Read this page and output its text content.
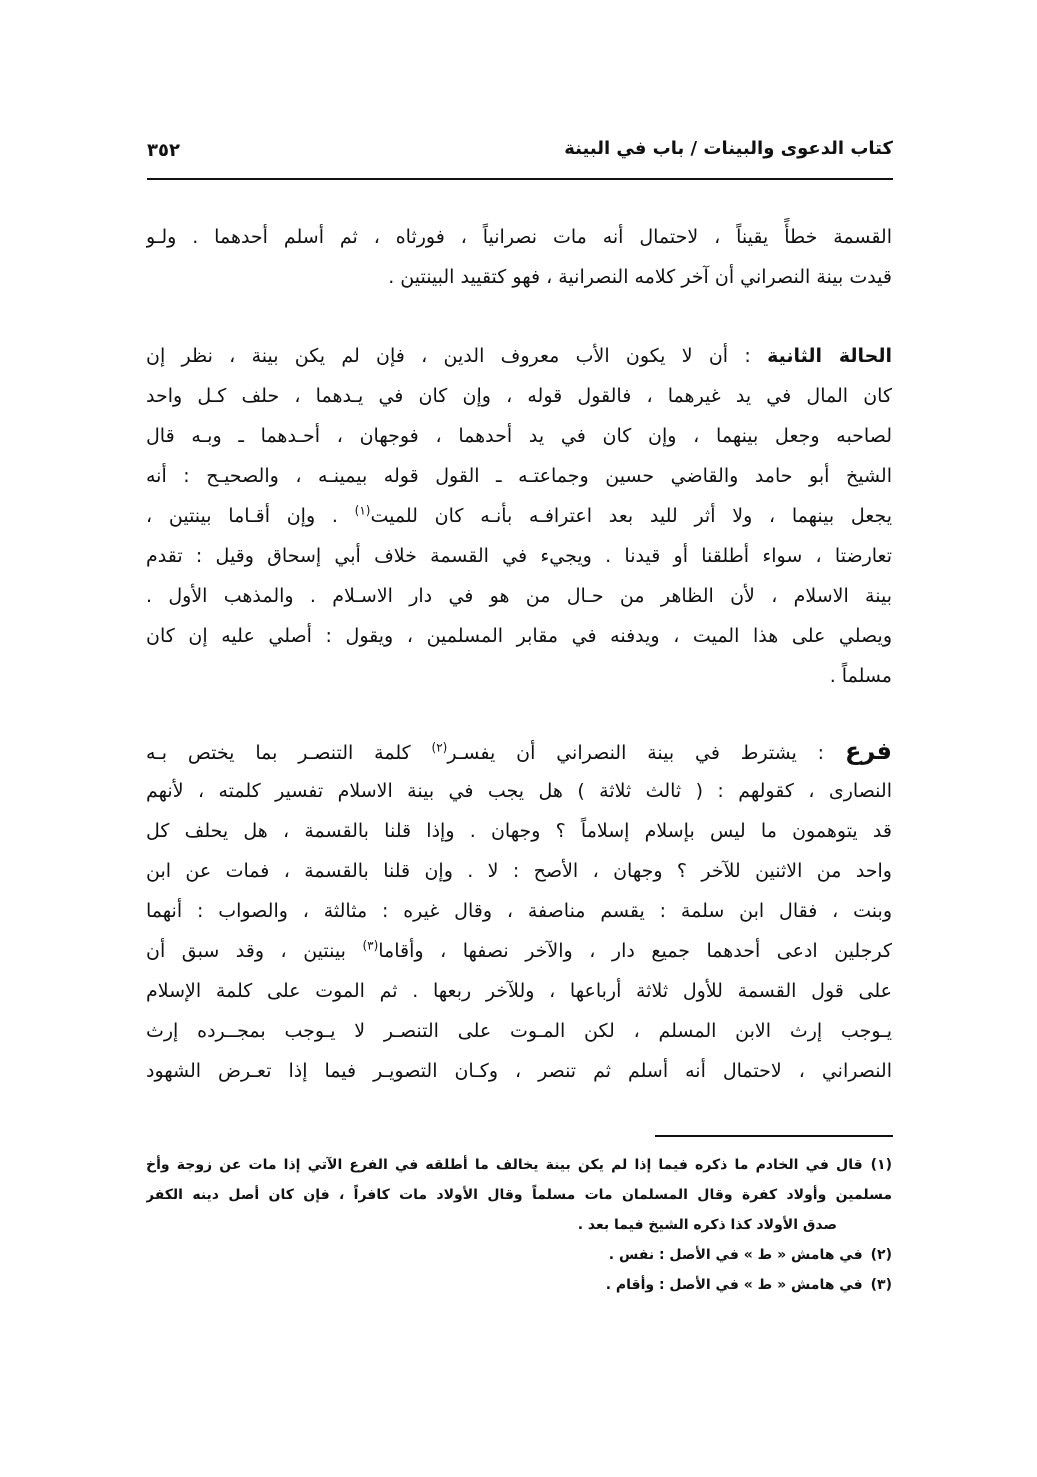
كتاب الدعوى والبينات / باب في البينة
٣٥٢
القسمة خطأً يقيناً ، لاحتمال أنه مات نصرانياً ، فورثاه ، ثم أسلم أحدهما . ولـو
قيدت بينة النصراني أن آخر كلامه النصرانية ، فهو كتقييد البينتين .
الحالة الثانية : أن لا يكون الأب معروف الدين ، فإن لم يكن بينة ، نظر إن
كان المال في يد غيرهما ، فالقول قوله ، وإن كان في يـدهما ، حلف كـل واحد
لصاحبه وجعل بينهما ، وإن كان في يد أحدهما ، فوجهان ، أحـدهما ـ وبـه قال
الشيخ أبو حامد والقاضي حسين وجماعتـه ـ القول قوله بيمينـه ، والصحيـح : أنه
يجعل بينهما ، ولا أثر لليد بعد اعترافـه بأنـه كان للميت$^{(١)}$ . وإن أقـاما بينتين ،
تعارضتا ، سواء أطلقنا أو قيدنا . ويجيء في القسمة خلاف أبي إسحاق وقيل : تقدم
بينة الاسلام ، لأن الظاهر من حـال من هو في دار الاسـلام . والمذهب الأول .
ويصلي على هذا الميت ، ويدفنه في مقابر المسلمين ، ويقول : أصلي عليه إن كان
مسلماً .
فرع : يشترط في بينة النصراني أن يفسـر$^{(٢)}$ كلمة التنصـر بما يختص بـه
النصارى ، كقولهم : ( ثالث ثلاثة ) هل يجب في بينة الاسلام تفسير كلمته ، لأنهم
قد يتوهمون ما ليس بإسلام إسلاماً ؟ وجهان . وإذا قلنا بالقسمة ، هل يحلف كل
واحد من الاثنين للآخر ؟ وجهان ، الأصح : لا . وإن قلنا بالقسمة ، فمات عن ابن
وبنت ، فقال ابن سلمة : يقسم مناصفة ، وقال غيره : مثالثة ، والصواب : أنهما
كرجلين ادعى أحدهما جميع دار ، والآخر نصفها ، وأقاما$^{(٣)}$ بينتين ، وقد سبق أن
على قول القسمة للأول ثلاثة أرباعها ، وللآخر ربعها . ثم الموت على كلمة الإسلام
يـوجب إرث الابن المسلم ، لكن المـوت على التنصـر لا يـوجب بمجــرده إرث
النصراني ، لاحتمال أنه أسلم ثم تنصر ، وكـان التصويـر فيما إذا تعـرض الشهود
(١)قال في الخادم ما ذكره فيما إذا لم يكن بينة يخالف ما أطلقه في الفرع الآتي إذا مات عن زوجة وأخ
مسلمين وأولاد كفرة وقال المسلمان مات مسلماً وقال الأولاد مات كافراً ، فإن كان أصل دينه الكفر
صدق الأولاد كذا ذكره الشيخ فيما بعد .
(٢)في هامش « ط » في الأصل : نفس .
(٣)في هامش « ط » في الأصل : وأقام .
